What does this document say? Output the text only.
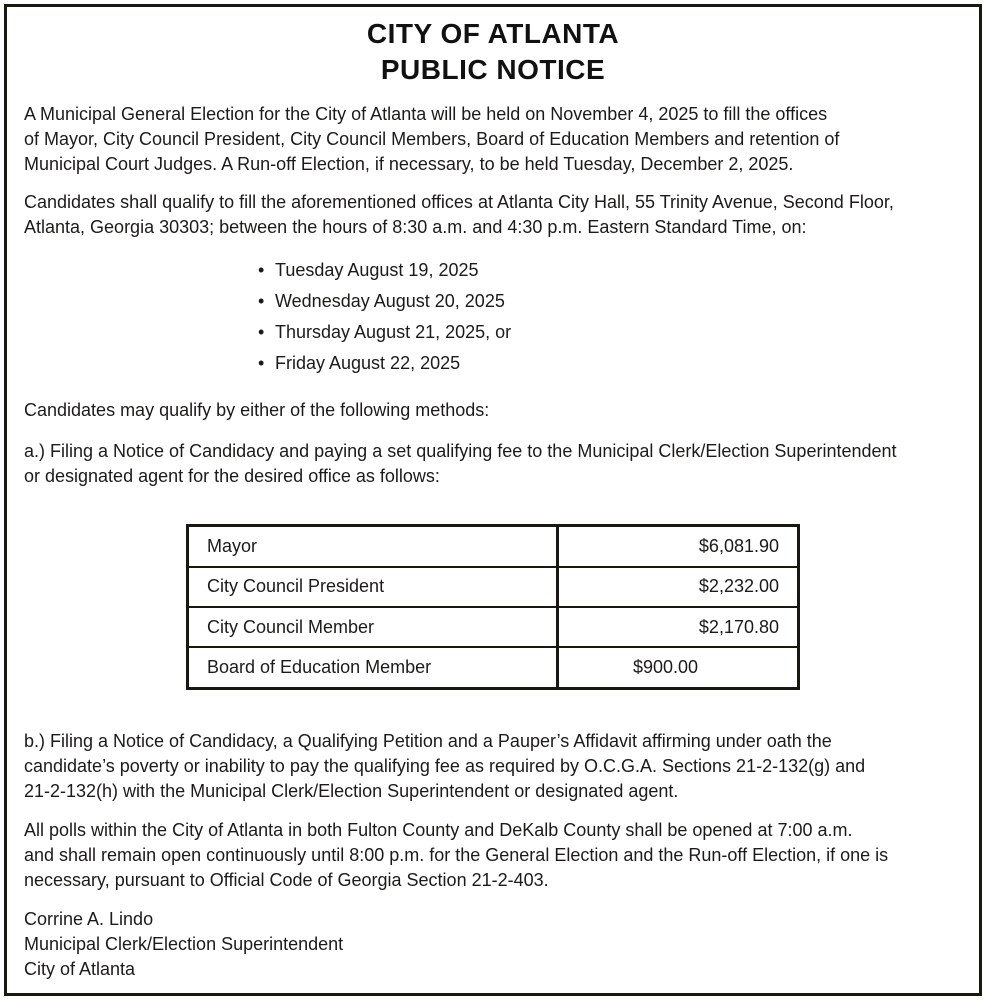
CITY OF ATLANTA
PUBLIC NOTICE
A Municipal General Election for the City of Atlanta will be held on November 4, 2025 to fill the offices
of Mayor, City Council President, City Council Members, Board of Education Members and retention of
Municipal Court Judges. A Run-off Election, if necessary, to be held Tuesday, December 2, 2025.
Candidates shall qualify to fill the aforementioned offices at Atlanta City Hall, 55 Trinity Avenue, Second Floor,
Atlanta, Georgia 30303; between the hours of 8:30 a.m. and 4:30 p.m. Eastern Standard Time, on:
• Tuesday August 19, 2025
• Wednesday August 20, 2025
• Thursday August 21, 2025, or
• Friday August 22, 2025
Candidates may qualify by either of the following methods:
a.) Filing a Notice of Candidacy and paying a set qualifying fee to the Municipal Clerk/Election Superintendent
or designated agent for the desired office as follows:
Mayor	$6,081.90
City Council President	$2,232.00
City Council Member	$2,170.80
Board of Education Member	$900.00
b.) Filing a Notice of Candidacy, a Qualifying Petition and a Pauper’s Affidavit affirming under oath the
candidate’s poverty or inability to pay the qualifying fee as required by O.C.G.A. Sections 21-2-132(g) and
21-2-132(h) with the Municipal Clerk/Election Superintendent or designated agent.
All polls within the City of Atlanta in both Fulton County and DeKalb County shall be opened at 7:00 a.m.
and shall remain open continuously until 8:00 p.m. for the General Election and the Run-off Election, if one is
necessary, pursuant to Official Code of Georgia Section 21-2-403.
Corrine A. Lindo
Municipal Clerk/Election Superintendent
City of Atlanta
